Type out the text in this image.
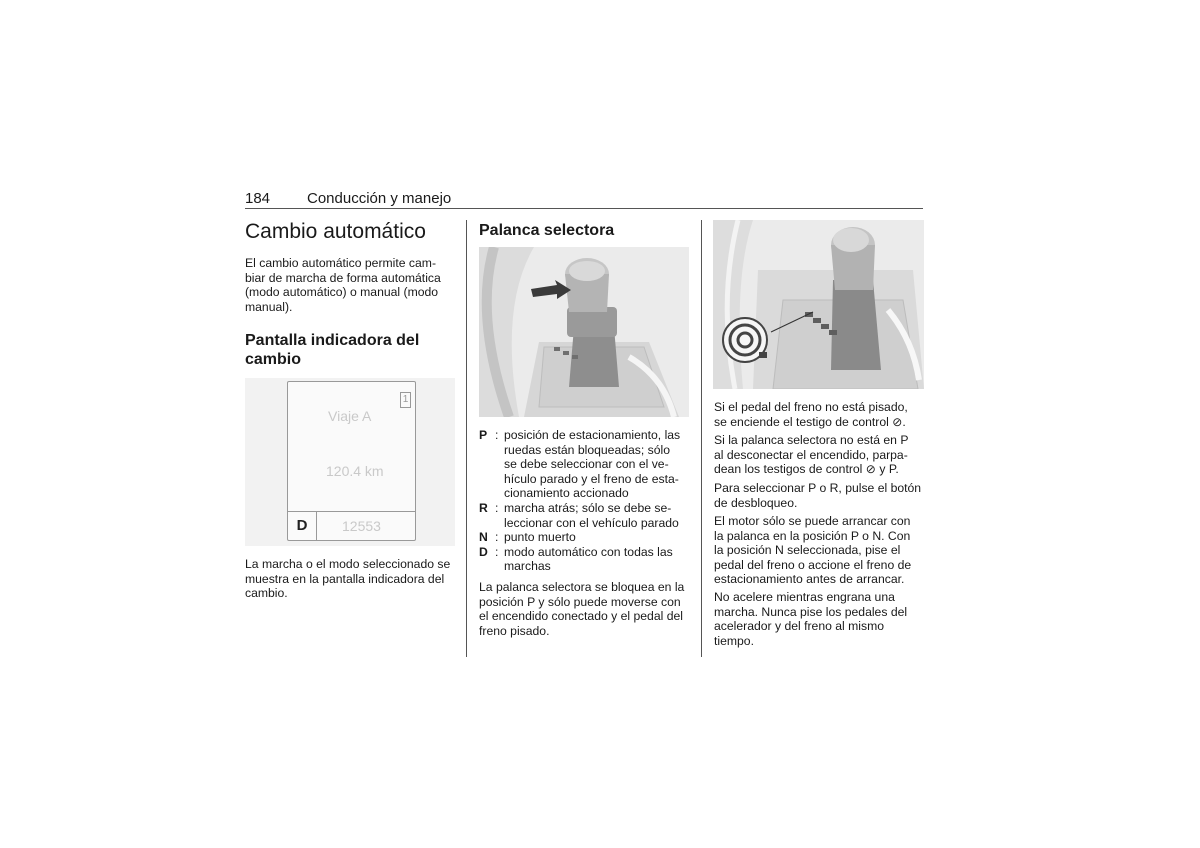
184 Conducción y manejo
Cambio automático
El cambio automático permite cam-
biar de marcha de forma automática
(modo automático) o manual (modo
manual).
Pantalla indicadora del
cambio
Viaje A
120.4 km
1
D	12553
La marcha o el modo seleccionado se
muestra en la pantalla indicadora del
cambio.
Palanca selectora
P : posición de estacionamiento, las
ruedas están bloqueadas; sólo
se debe seleccionar con el ve-
hículo parado y el freno de esta-
cionamiento accionado
R : marcha atrás; sólo se debe se-
leccionar con el vehículo parado
N : punto muerto
D : modo automático con todas las
marchas
La palanca selectora se bloquea en la
posición P y sólo puede moverse con
el encendido conectado y el pedal del
freno pisado.
Si el pedal del freno no está pisado,
se enciende el testigo de control ⊘.
Si la palanca selectora no está en P
al desconectar el encendido, parpa-
dean los testigos de control ⊘ y P.
Para seleccionar P o R, pulse el botón
de desbloqueo.
El motor sólo se puede arrancar con
la palanca en la posición P o N. Con
la posición N seleccionada, pise el
pedal del freno o accione el freno de
estacionamiento antes de arrancar.
No acelere mientras engrana una
marcha. Nunca pise los pedales del
acelerador y del freno al mismo
tiempo.
